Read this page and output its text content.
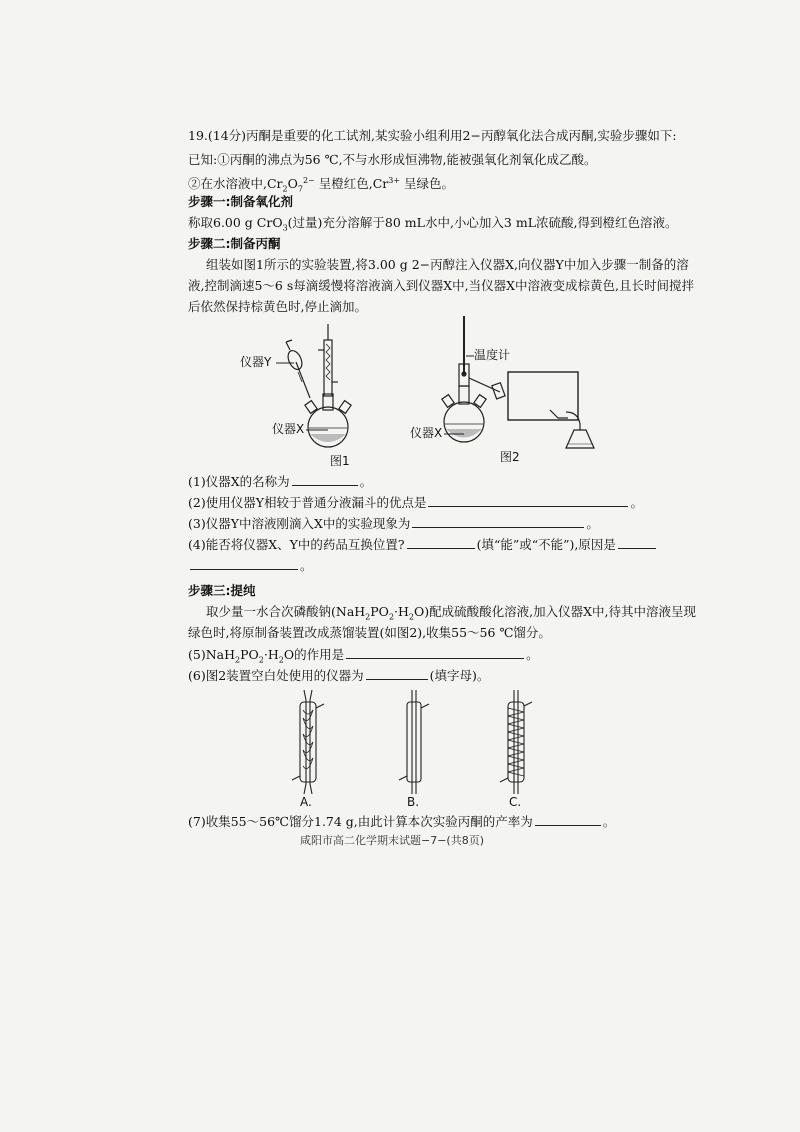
19.(14分)丙酮是重要的化工试剂,某实验小组利用2−丙醇氧化法合成丙酮,实验步骤如下:
已知:①丙酮的沸点为56 ℃,不与水形成恒沸物,能被强氧化剂氧化成乙酸。
②在水溶液中$,Cr_2O_7^{2-}$ 呈橙红色$,Cr^{3+}$ 呈绿色。
步骤一:制备氧化剂
称取6.00 g CrO$_3$(过量)充分溶解于80 mL水中,小心加入3 mL浓硫酸,得到橙红色溶液。
步骤二:制备丙酮
组装如图1所示的实验装置,将3.00 g 2−丙醇注入仪器X,向仪器Y中加入步骤一制备的溶
液,控制滴速5～6 s每滴缓慢将溶液滴入到仪器X中,当仪器X中溶液变成棕黄色,且长时间搅拌
后依然保持棕黄色时,停止滴加。
仪器Y
仪器X
图1
温度计
仪器X
图2
(1)仪器X的名称为	。
(2)使用仪器Y相较于普通分液漏斗的优点是	。
(3)仪器Y中溶液刚滴入X中的实验现象为	。
(4)能否将仪器X、Y中的药品互换位置?	(填“能”或“不能”),原因是
。
步骤三:提纯
取少量一水合次磷酸钠$(NaH_2PO_2\cdot H_2O)$配成硫酸酸化溶液,加入仪器X中,待其中溶液呈现
绿色时,将原制备装置改成蒸馏装置(如图2),收集55～56 ℃馏分。
$(5)NaH_2PO_2\cdot H_2O$的作用是	。
(6)图2装置空白处使用的仪器为	(填字母)。
A.	B.	C.
(7)收集55～56℃馏分1.74 g,由此计算本次实验丙酮的产率为	。
咸阳市高二化学期末试题−7−(共8页)
